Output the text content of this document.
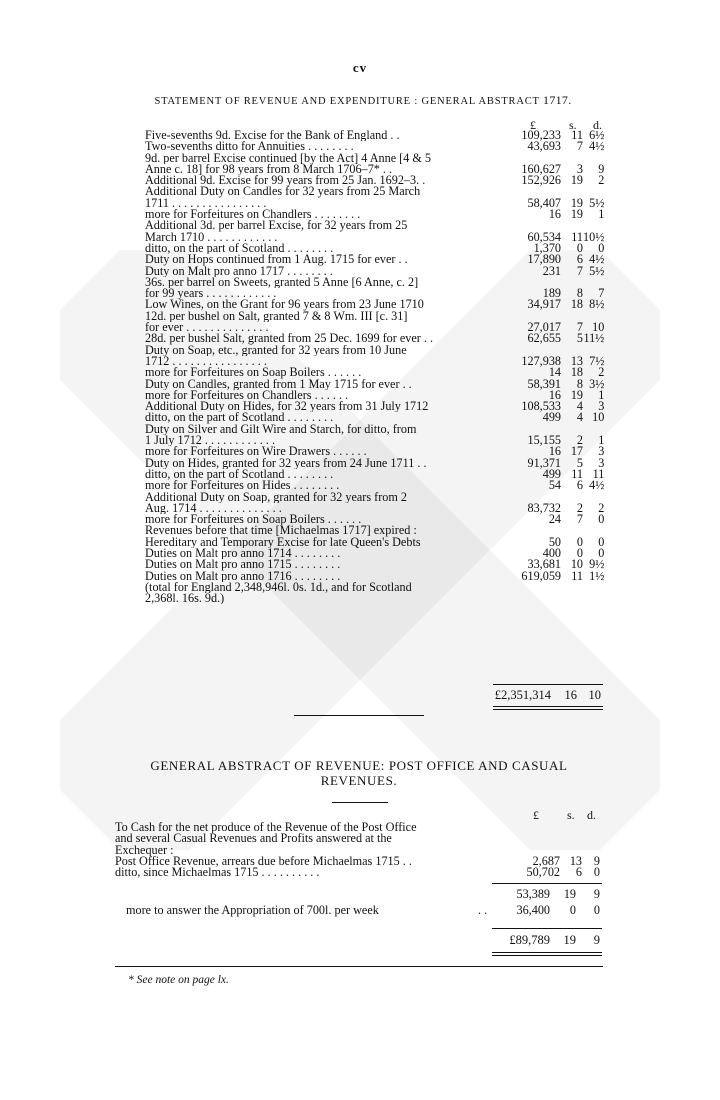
cv
STATEMENT OF REVENUE AND EXPENDITURE : GENERAL ABSTRACT 1717.
£	s. d.
Five-sevenths 9d. Excise for the Bank of England . .	109,233	11	6½
Two-sevenths ditto for Annuities . . . . . . . .	43,693	7	4½
9d. per barrel Excise continued [by the Act] 4 Anne [4 & 5			
Anne c. 18] for 98 years from 8 March 1706–7* . .	160,627	3	9
Additional 9d. Excise for 99 years from 25 Jan. 1692–3. .	152,926	19	2
Additional Duty on Candles for 32 years from 25 March			
1711 . . . . . . . . . . . . . . . .	58,407	19	5½
more for Forfeitures on Chandlers . . . . . . . .	16	19	1
Additional 3d. per barrel Excise, for 32 years from 25			
March 1710 . . . . . . . . . . . .	60,534	11	10½
ditto, on the part of Scotland . . . . . . . .	1,370	0	0
Duty on Hops continued from 1 Aug. 1715 for ever . .	17,890	6	4½
Duty on Malt pro anno 1717 . . . . . . . .	231	7	5½
36s. per barrel on Sweets, granted 5 Anne [6 Anne, c. 2]			
for 99 years . . . . . . . . . . . .	189	8	7
Low Wines, on the Grant for 96 years from 23 June 1710	34,917	18	8½
12d. per bushel on Salt, granted 7 & 8 Wm. III [c. 31]			
for ever . . . . . . . . . . . . . .	27,017	7	10
28d. per bushel Salt, granted from 25 Dec. 1699 for ever . .	62,655	5	11½
Duty on Soap, etc., granted for 32 years from 10 June			
1712 . . . . . . . . . . . . . . . .	127,938	13	7½
more for Forfeitures on Soap Boilers . . . . . .	14	18	2
Duty on Candles, granted from 1 May 1715 for ever . .	58,391	8	3½
more for Forfeitures on Chandlers . . . . . .	16	19	1
Additional Duty on Hides, for 32 years from 31 July 1712	108,533	4	3
ditto, on the part of Scotland . . . . . . . .	499	4	10
Duty on Silver and Gilt Wire and Starch, for ditto, from			
1 July 1712 . . . . . . . . . . . .	15,155	2	1
more for Forfeitures on Wire Drawers . . . . . .	16	17	3
Duty on Hides, granted for 32 years from 24 June 1711 . .	91,371	5	3
ditto, on the part of Scotland . . . . . . . .	499	11	11
more for Forfeitures on Hides . . . . . . . .	54	6	4½
Additional Duty on Soap, granted for 32 years from 2			
Aug. 1714 . . . . . . . . . . . . . .	83,732	2	2
more for Forfeitures on Soap Boilers . . . . . .	24	7	0
Revenues before that time [Michaelmas 1717] expired :			
Hereditary and Temporary Excise for late Queen's Debts	50	0	0
Duties on Malt pro anno 1714 . . . . . . . .	400	0	0
Duties on Malt pro anno 1715 . . . . . . . .	33,681	10	9½
Duties on Malt pro anno 1716 . . . . . . . .	619,059	11	1½
(total for England 2,348,946l. 0s. 1d., and for Scotland			
2,368l. 16s. 9d.)			
£2,351,314 16 10
GENERAL ABSTRACT OF REVENUE: POST OFFICE AND CASUAL
REVENUES.
£ s. d.
To Cash for the net produce of the Revenue of the Post Office			
and several Casual Revenues and Profits answered at the			
Exchequer :			
Post Office Revenue, arrears due before Michaelmas 1715 . .	2,687	13	9
ditto, since Michaelmas 1715 . . . . . . . . . .	50,702	6	0
53,389 19 9
more to answer the Appropriation of 700l. per week	. . 36,400 0 0
£89,789 19 9
* See note on page lx.
